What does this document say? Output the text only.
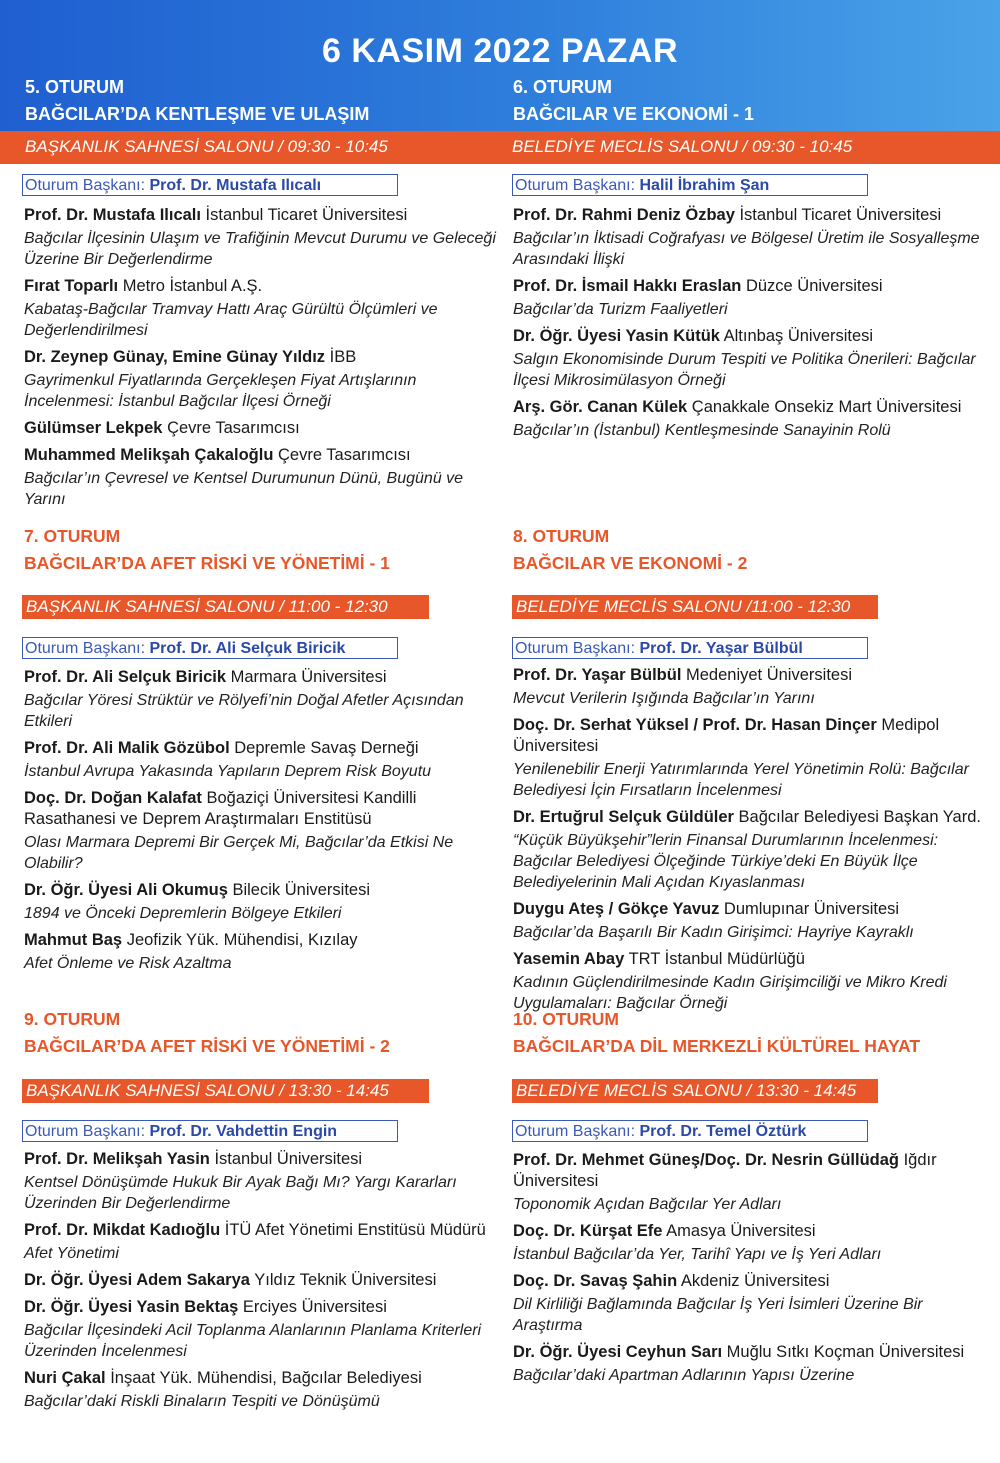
6 KASIM 2022 PAZAR
5. OTURUM
BAĞCILAR’DA KENTLEŞME VE ULAŞIM
6. OTURUM
BAĞCILAR VE EKONOMİ - 1
BAŞKANLIK SAHNESİ SALONU / 09:30 - 10:45	BELEDİYE MECLİS SALONU / 09:30 - 10:45
Oturum Başkanı: Prof. Dr. Mustafa Ilıcalı

Prof. Dr. Mustafa Ilıcalı İstanbul Ticaret Üniversitesi

Bağcılar İlçesinin Ulaşım ve Trafiğinin Mevcut Durumu ve Geleceği Üzerine Bir Değerlendirme

Fırat Toparlı Metro İstanbul A.Ş.

Kabataş-Bağcılar Tramvay Hattı Araç Gürültü Ölçümleri ve Değerlendirilmesi

Dr. Zeynep Günay, Emine Günay Yıldız İBB

Gayrimenkul Fiyatlarında Gerçekleşen Fiyat Artışlarının İncelenmesi: İstanbul Bağcılar İlçesi Örneği

Gülümser Lekpek Çevre Tasarımcısı

Muhammed Melikşah Çakaloğlu Çevre Tasarımcısı

Bağcılar’ın Çevresel ve Kentsel Durumunun Dünü, Bugünü ve Yarını

Oturum Başkanı: Halil İbrahim Şan

Prof. Dr. Rahmi Deniz Özbay İstanbul Ticaret Üniversitesi

Bağcılar’ın İktisadi Coğrafyası ve Bölgesel Üretim ile Sosyalleşme Arasındaki İlişki

Prof. Dr. İsmail Hakkı Eraslan Düzce Üniversitesi

Bağcılar’da Turizm Faaliyetleri

Dr. Öğr. Üyesi Yasin Kütük Altınbaş Üniversitesi

Salgın Ekonomisinde Durum Tespiti ve Politika Önerileri: Bağcılar İlçesi Mikrosimülasyon Örneği

Arş. Gör. Canan Külek Çanakkale Onsekiz Mart Üniversitesi

Bağcılar’ın (İstanbul) Kentleşmesinde Sanayinin Rolü

7. OTURUM
BAĞCILAR’DA AFET RİSKİ VE YÖNETİMİ - 1
BAŞKANLIK SAHNESİ SALONU / 11:00 - 12:30
Oturum Başkanı: Prof. Dr. Ali Selçuk Biricik

Prof. Dr. Ali Selçuk Biricik Marmara Üniversitesi

Bağcılar Yöresi Strüktür ve Rölyefi’nin Doğal Afetler Açısından Etkileri

Prof. Dr. Ali Malik Gözübol Depremle Savaş Derneği

İstanbul Avrupa Yakasında Yapıların Deprem Risk Boyutu

Doç. Dr. Doğan Kalafat Boğaziçi Üniversitesi Kandilli Rasathanesi ve Deprem Araştırmaları Enstitüsü

Olası Marmara Depremi Bir Gerçek Mi, Bağcılar’da Etkisi Ne Olabilir?

Dr. Öğr. Üyesi Ali Okumuş Bilecik Üniversitesi

1894 ve Önceki Depremlerin Bölgeye Etkileri

Mahmut Baş Jeofizik Yük. Mühendisi, Kızılay

Afet Önleme ve Risk Azaltma

8. OTURUM
BAĞCILAR VE EKONOMİ - 2
BELEDİYE MECLİS SALONU /11:00 - 12:30
Oturum Başkanı: Prof. Dr. Yaşar Bülbül

Prof. Dr. Yaşar Bülbül Medeniyet Üniversitesi

Mevcut Verilerin Işığında Bağcılar’ın Yarını

Doç. Dr. Serhat Yüksel / Prof. Dr. Hasan Dinçer Medipol Üniversitesi

Yenilenebilir Enerji Yatırımlarında Yerel Yönetimin Rolü: Bağcılar Belediyesi İçin Fırsatların İncelenmesi

Dr. Ertuğrul Selçuk Güldüler Bağcılar Belediyesi Başkan Yard.

“Küçük Büyükşehir”lerin Finansal Durumlarının İncelenmesi: Bağcılar Belediyesi Ölçeğinde Türkiye’deki En Büyük İlçe Belediyelerinin Mali Açıdan Kıyaslanması

Duygu Ateş / Gökçe Yavuz Dumlupınar Üniversitesi

Bağcılar’da Başarılı Bir Kadın Girişimci: Hayriye Kayraklı

Yasemin Abay TRT İstanbul Müdürlüğü

Kadının Güçlendirilmesinde Kadın Girişimciliği ve Mikro Kredi Uygulamaları: Bağcılar Örneği

9. OTURUM
BAĞCILAR’DA AFET RİSKİ VE YÖNETİMİ - 2
BAŞKANLIK SAHNESİ SALONU / 13:30 - 14:45
Oturum Başkanı: Prof. Dr. Vahdettin Engin

Prof. Dr. Melikşah Yasin İstanbul Üniversitesi

Kentsel Dönüşümde Hukuk Bir Ayak Bağı Mı? Yargı Kararları Üzerinden Bir Değerlendirme

Prof. Dr. Mikdat Kadıoğlu İTÜ Afet Yönetimi Enstitüsü Müdürü

Afet Yönetimi

Dr. Öğr. Üyesi Adem Sakarya Yıldız Teknik Üniversitesi

Dr. Öğr. Üyesi Yasin Bektaş Erciyes Üniversitesi

Bağcılar İlçesindeki Acil Toplanma Alanlarının Planlama Kriterleri Üzerinden İncelenmesi

Nuri Çakal İnşaat Yük. Mühendisi, Bağcılar Belediyesi

Bağcılar’daki Riskli Binaların Tespiti ve Dönüşümü

10. OTURUM
BAĞCILAR’DA DİL MERKEZLİ KÜLTÜREL HAYAT
BELEDİYE MECLİS SALONU / 13:30 - 14:45
Oturum Başkanı: Prof. Dr. Temel Öztürk

Prof. Dr. Mehmet Güneş/Doç. Dr. Nesrin Güllüdağ Iğdır Üniversitesi

Toponomik Açıdan Bağcılar Yer Adları

Doç. Dr. Kürşat Efe Amasya Üniversitesi

İstanbul Bağcılar’da Yer, Tarihî Yapı ve İş Yeri Adları

Doç. Dr. Savaş Şahin Akdeniz Üniversitesi

Dil Kirliliği Bağlamında Bağcılar İş Yeri İsimleri Üzerine Bir Araştırma

Dr. Öğr. Üyesi Ceyhun Sarı Muğlu Sıtkı Koçman Üniversitesi

Bağcılar’daki Apartman Adlarının Yapısı Üzerine
